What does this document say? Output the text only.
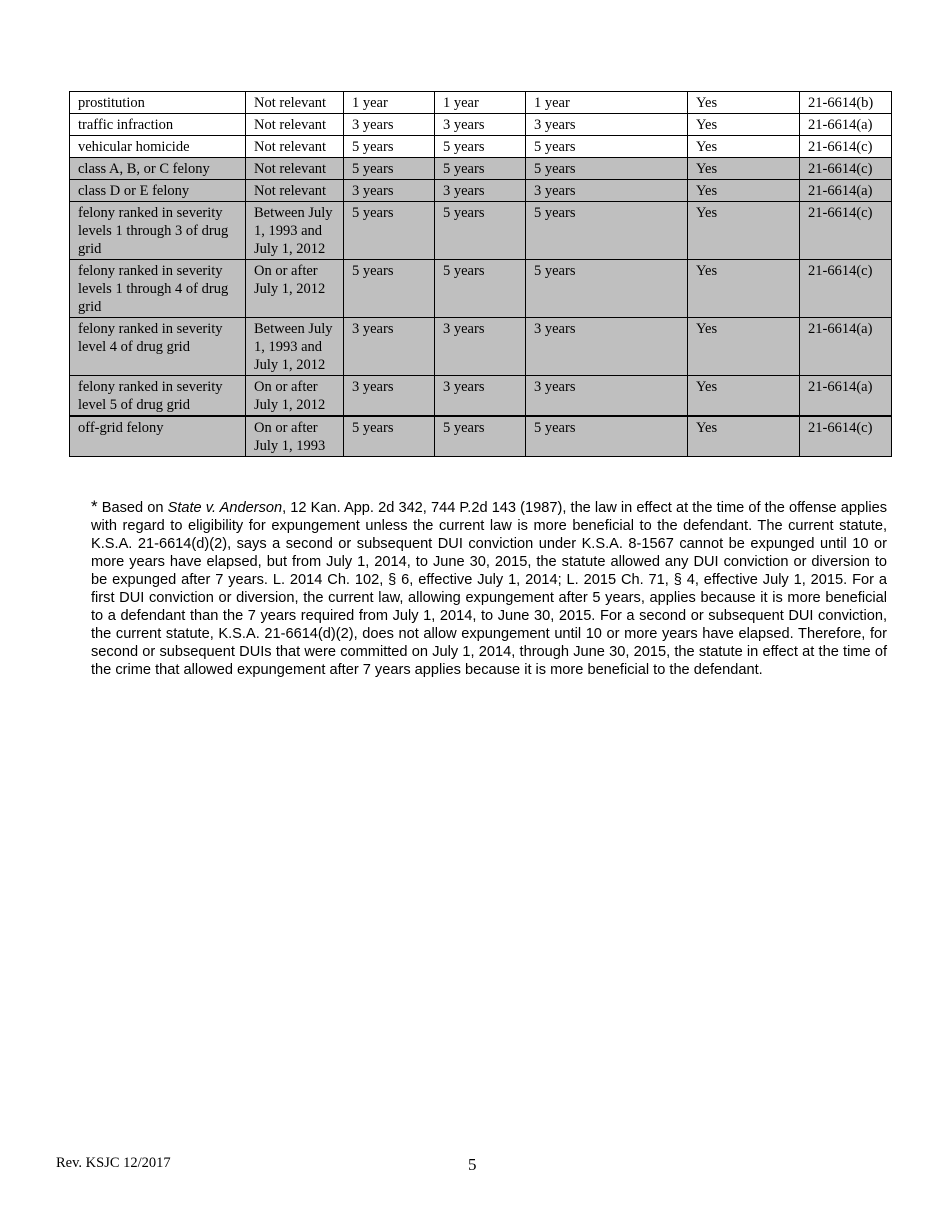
prostitution	Not relevant	1 year	1 year	1 year	Yes	21-6614(b)
traffic infraction	Not relevant	3 years	3 years	3 years	Yes	21-6614(a)
vehicular homicide	Not relevant	5 years	5 years	5 years	Yes	21-6614(c)
class A, B, or C felony	Not relevant	5 years	5 years	5 years	Yes	21-6614(c)
class D or E felony	Not relevant	3 years	3 years	3 years	Yes	21-6614(a)
felony ranked in severity levels 1 through 3 of drug grid	Between July 1, 1993 and July 1, 2012	5 years	5 years	5 years	Yes	21-6614(c)
felony ranked in severity levels 1 through 4 of drug grid	On or after July 1, 2012	5 years	5 years	5 years	Yes	21-6614(c)
felony ranked in severity level 4 of drug grid	Between July 1, 1993 and July 1, 2012	3 years	3 years	3 years	Yes	21-6614(a)
felony ranked in severity level 5 of drug grid	On or after July 1, 2012	3 years	3 years	3 years	Yes	21-6614(a)
off-grid felony	On or after July 1, 1993	5 years	5 years	5 years	Yes	21-6614(c)

* Based on State v. Anderson, 12 Kan. App. 2d 342, 744 P.2d 143 (1987), the law in effect at the time of the offense applies with regard to eligibility for expungement unless the current law is more beneficial to the defendant. The current statute, K.S.A. 21-6614(d)(2), says a second or subsequent DUI conviction under K.S.A. 8-1567 cannot be expunged until 10 or more years have elapsed, but from July 1, 2014, to June 30, 2015, the statute allowed any DUI conviction or diversion to be expunged after 7 years. L. 2014 Ch. 102, § 6, effective July 1, 2014; L. 2015 Ch. 71, § 4, effective July 1, 2015. For a first DUI conviction or diversion, the current law, allowing expungement after 5 years, applies because it is more beneficial to a defendant than the 7 years required from July 1, 2014, to June 30, 2015. For a second or subsequent DUI conviction, the current statute, K.S.A. 21-6614(d)(2), does not allow expungement until 10 or more years have elapsed. Therefore, for second or subsequent DUIs that were committed on July 1, 2014, through June 30, 2015, the statute in effect at the time of the crime that allowed expungement after 7 years applies because it is more beneficial to the defendant.

Rev. KSJC 12/2017	5
